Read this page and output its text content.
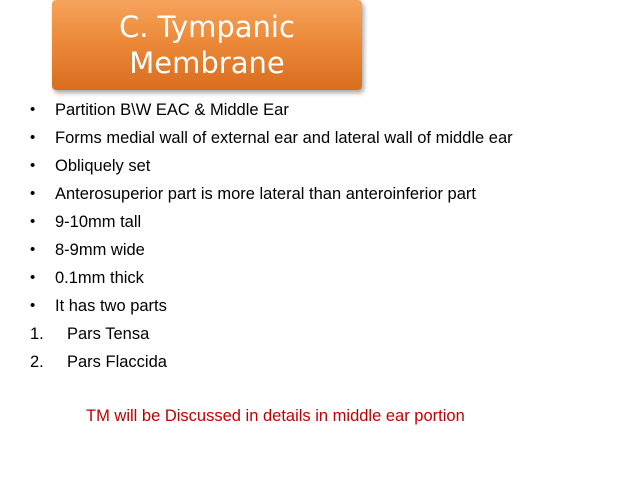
C. Tympanic
Membrane
•	Partition B\W EAC & Middle Ear
•	Forms medial wall of external ear and lateral wall of middle ear
•	Obliquely set
•	Anterosuperior part is more lateral than anteroinferior part
•	9-10mm tall
•	8-9mm wide
•	0.1mm thick
•	It has two parts
1.	Pars Tensa
2.	Pars Flaccida
TM will be Discussed in details in middle ear portion
